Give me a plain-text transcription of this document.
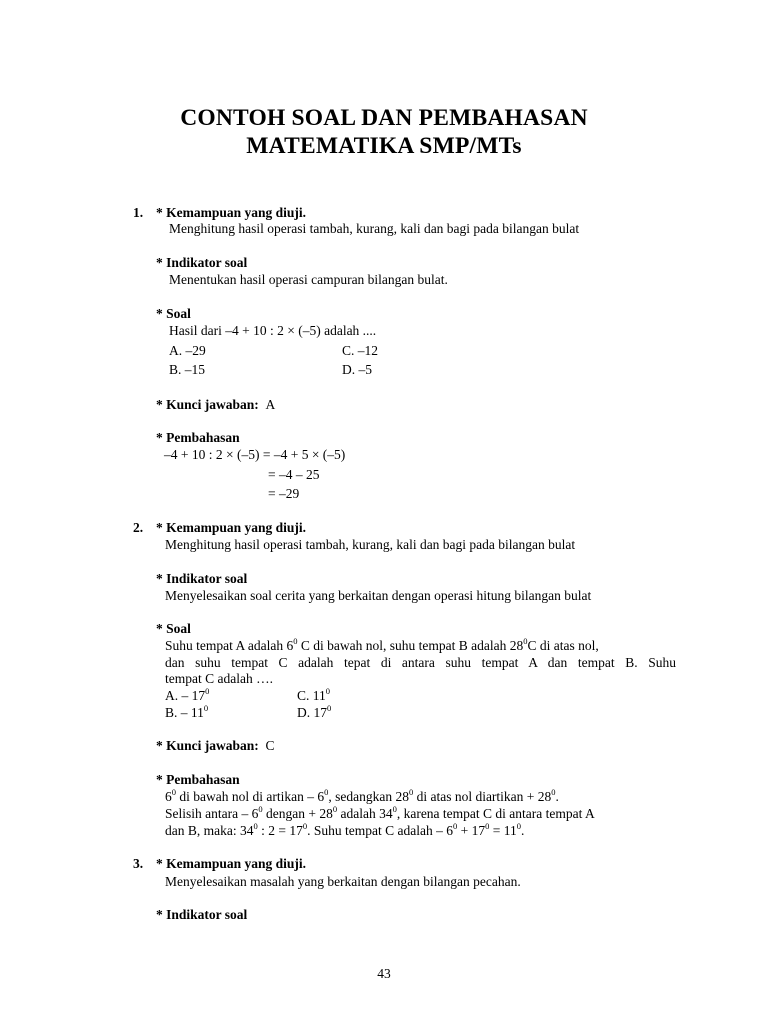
CONTOH SOAL DAN PEMBAHASAN
MATEMATIKA SMP/MTs
1. * Kemampuan yang diuji.
Menghitung hasil operasi tambah, kurang, kali dan bagi pada bilangan bulat
* Indikator soal
Menentukan hasil operasi campuran bilangan bulat.
* Soal
Hasil dari –4 + 10 : 2 × (–5) adalah ....
A. –29	C. –12
B. –15	D. –5
* Kunci jawaban: A
* Pembahasan
–4 + 10 : 2 × (–5) = –4 + 5 × (–5)
= –4 – 25
= –29
2. * Kemampuan yang diuji.
Menghitung hasil operasi tambah, kurang, kali dan bagi pada bilangan bulat
* Indikator soal
Menyelesaikan soal cerita yang berkaitan dengan operasi hitung bilangan bulat
* Soal
Suhu tempat A adalah $6^0$ C di bawah nol, suhu tempat B adalah $28^0C$ di atas nol,
dan suhu tempat C adalah tepat di antara suhu tempat A dan tempat B. Suhu
tempat C adalah ….
A. – $17^0$	C. $11^0$
B. – $11^0$	D. $17^0$
* Kunci jawaban: C
* Pembahasan
$6^0$ di bawah nol di artikan – $6^0$, sedangkan $28^0$ di atas nol diartikan + $28^0$.
Selisih antara – $6^0$ dengan + $28^0$ adalah $34^0$, karena tempat C di antara tempat A
dan B, maka: $34^0$ : $2 = 17^0$. Suhu tempat C adalah – $6^0 + 17^0 = 11^0$.
3. * Kemampuan yang diuji.
Menyelesaikan masalah yang berkaitan dengan bilangan pecahan.
* Indikator soal
43
